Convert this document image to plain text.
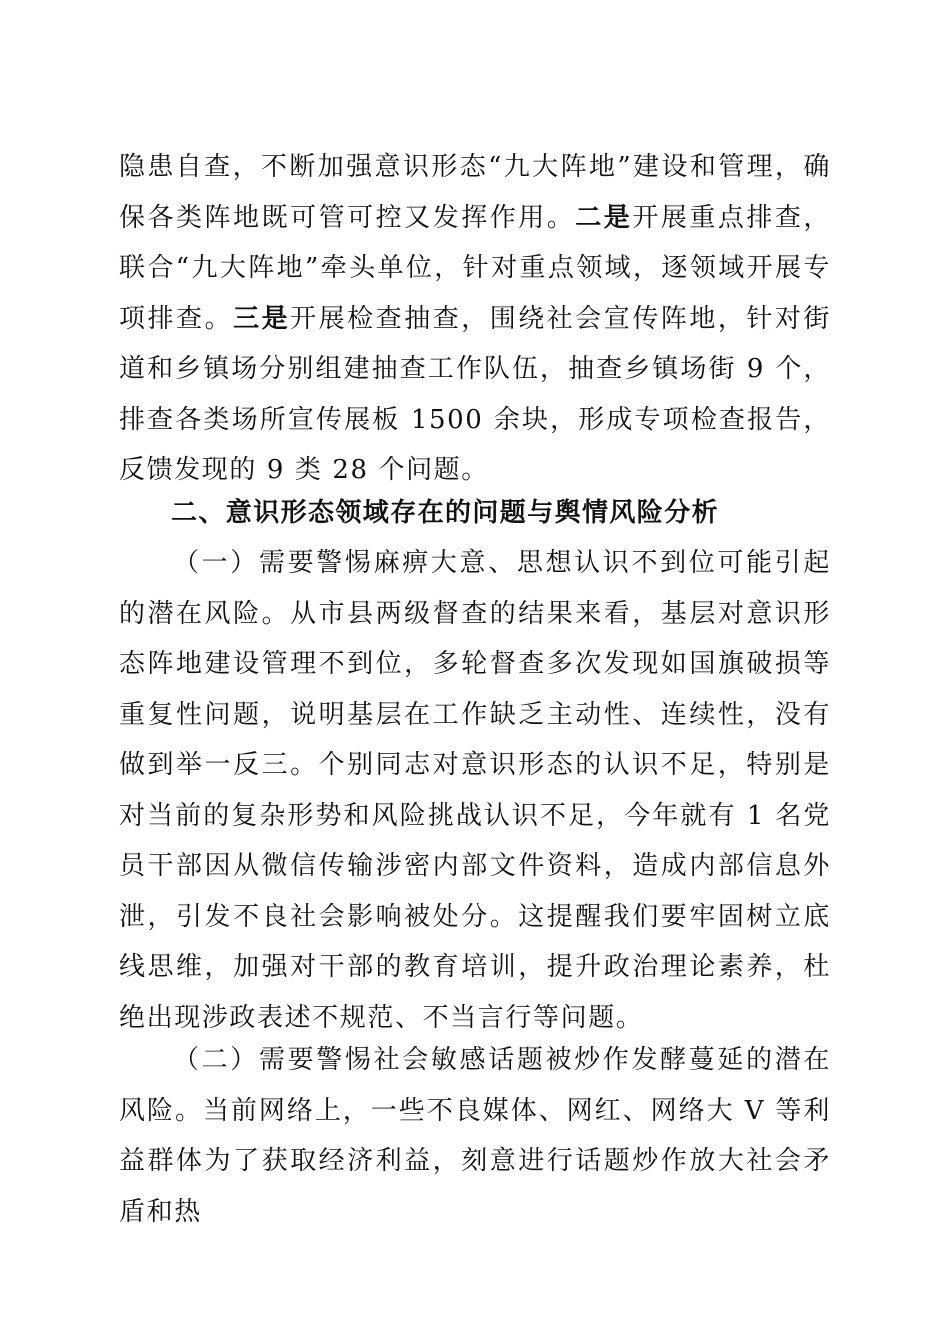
隐患自查，不断加强意识形态“九大阵地”建设和管理，确保各类阵地既可管可控又发挥作用。二是开展重点排查，联合“九大阵地”牵头单位，针对重点领域，逐领域开展专项排查。三是开展检查抽查，围绕社会宣传阵地，针对街道和乡镇场分别组建抽查工作队伍，抽查乡镇场街 9 个，排查各类场所宣传展板 1500 余块，形成专项检查报告，反馈发现的 9 类 28 个问题。

二、意识形态领域存在的问题与舆情风险分析

（一）需要警惕麻痹大意、思想认识不到位可能引起的潜在风险。从市县两级督查的结果来看，基层对意识形态阵地建设管理不到位，多轮督查多次发现如国旗破损等重复性问题，说明基层在工作缺乏主动性、连续性，没有做到举一反三。个别同志对意识形态的认识不足，特别是对当前的复杂形势和风险挑战认识不足，今年就有 1 名党员干部因从微信传输涉密内部文件资料，造成内部信息外泄，引发不良社会影响被处分。这提醒我们要牢固树立底线思维，加强对干部的教育培训，提升政治理论素养，杜绝出现涉政表述不规范、不当言行等问题。

（二）需要警惕社会敏感话题被炒作发酵蔓延的潜在风险。当前网络上，一些不良媒体、网红、网络大 V 等利益群体为了获取经济利益，刻意进行话题炒作放大社会矛盾和热
